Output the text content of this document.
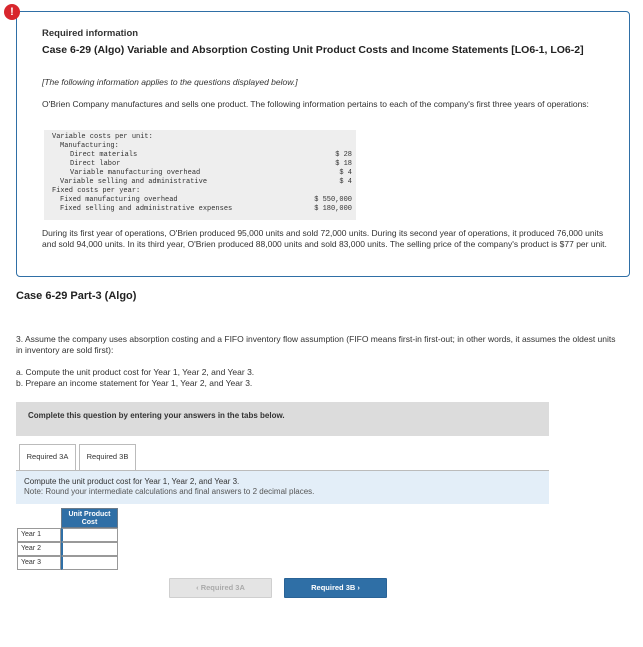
!
Required information
Case 6-29 (Algo) Variable and Absorption Costing Unit Product Costs and Income Statements [LO6-1, LO6-2]
[The following information applies to the questions displayed below.]
O'Brien Company manufactures and sells one product. The following information pertains to each of the company's first three years of operations:
Variable costs per unit:
Manufacturing:
Direct materials	$ 28
Direct labor	$ 18
Variable manufacturing overhead	$ 4
Variable selling and administrative	$ 4
Fixed costs per year:
Fixed manufacturing overhead	$ 550,000
Fixed selling and administrative expenses	$ 180,000
During its first year of operations, O'Brien produced 95,000 units and sold 72,000 units. During its second year of operations, it produced 76,000 units and sold 94,000 units. In its third year, O'Brien produced 88,000 units and sold 83,000 units. The selling price of the company's product is $77 per unit.
Case 6-29 Part-3 (Algo)
3. Assume the company uses absorption costing and a FIFO inventory flow assumption (FIFO means first-in first-out; in other words, it assumes the oldest units in inventory are sold first):
a. Compute the unit product cost for Year 1, Year 2, and Year 3.
b. Prepare an income statement for Year 1, Year 2, and Year 3.
Complete this question by entering your answers in the tabs below.
Required 3A	Required 3B
Compute the unit product cost for Year 1, Year 2, and Year 3.
Note: Round your intermediate calculations and final answers to 2 decimal places.
Unit Product Cost
Year 1
Year 2
Year 3
‹ Required 3A	Required 3B ›
